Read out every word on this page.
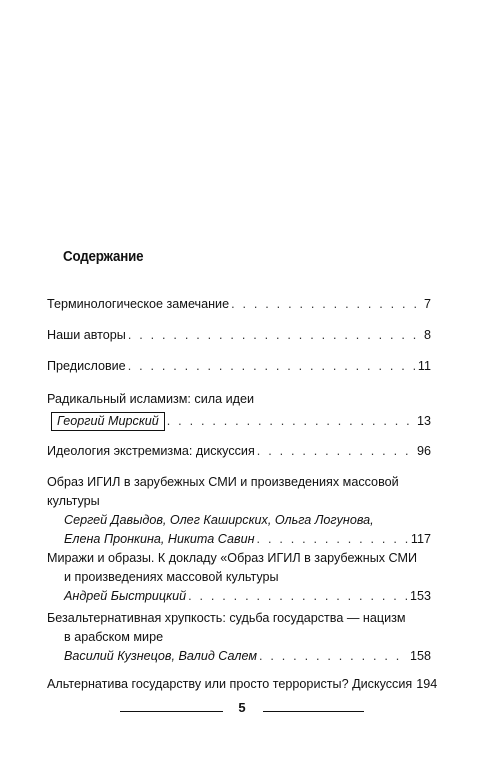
Содержание
Терминологическое замечание . . .	7
Наши авторы . . .	8
Предисловие . . .	11
Радикальный исламизм: сила идеи
Георгий Мирский . . .	13
Идеология экстремизма: дискуссия . . .	96
Образ ИГИЛ в зарубежных СМИ и произведениях массовой
культуры
Сергей Давыдов, Олег Каширских, Ольга Логунова,
Елена Пронкина, Никита Савин . . .	117
Миражи и образы. К докладу «Образ ИГИЛ в зарубежных СМИ
и произведениях массовой культуры
Андрей Быстрицкий . . .	153
Безальтернативная хрупкость: судьба государства — нацизм
в арабском мире
Василий Кузнецов, Валид Салем . . .	158
Альтернатива государству или просто террористы? Дискуссия 194
5
